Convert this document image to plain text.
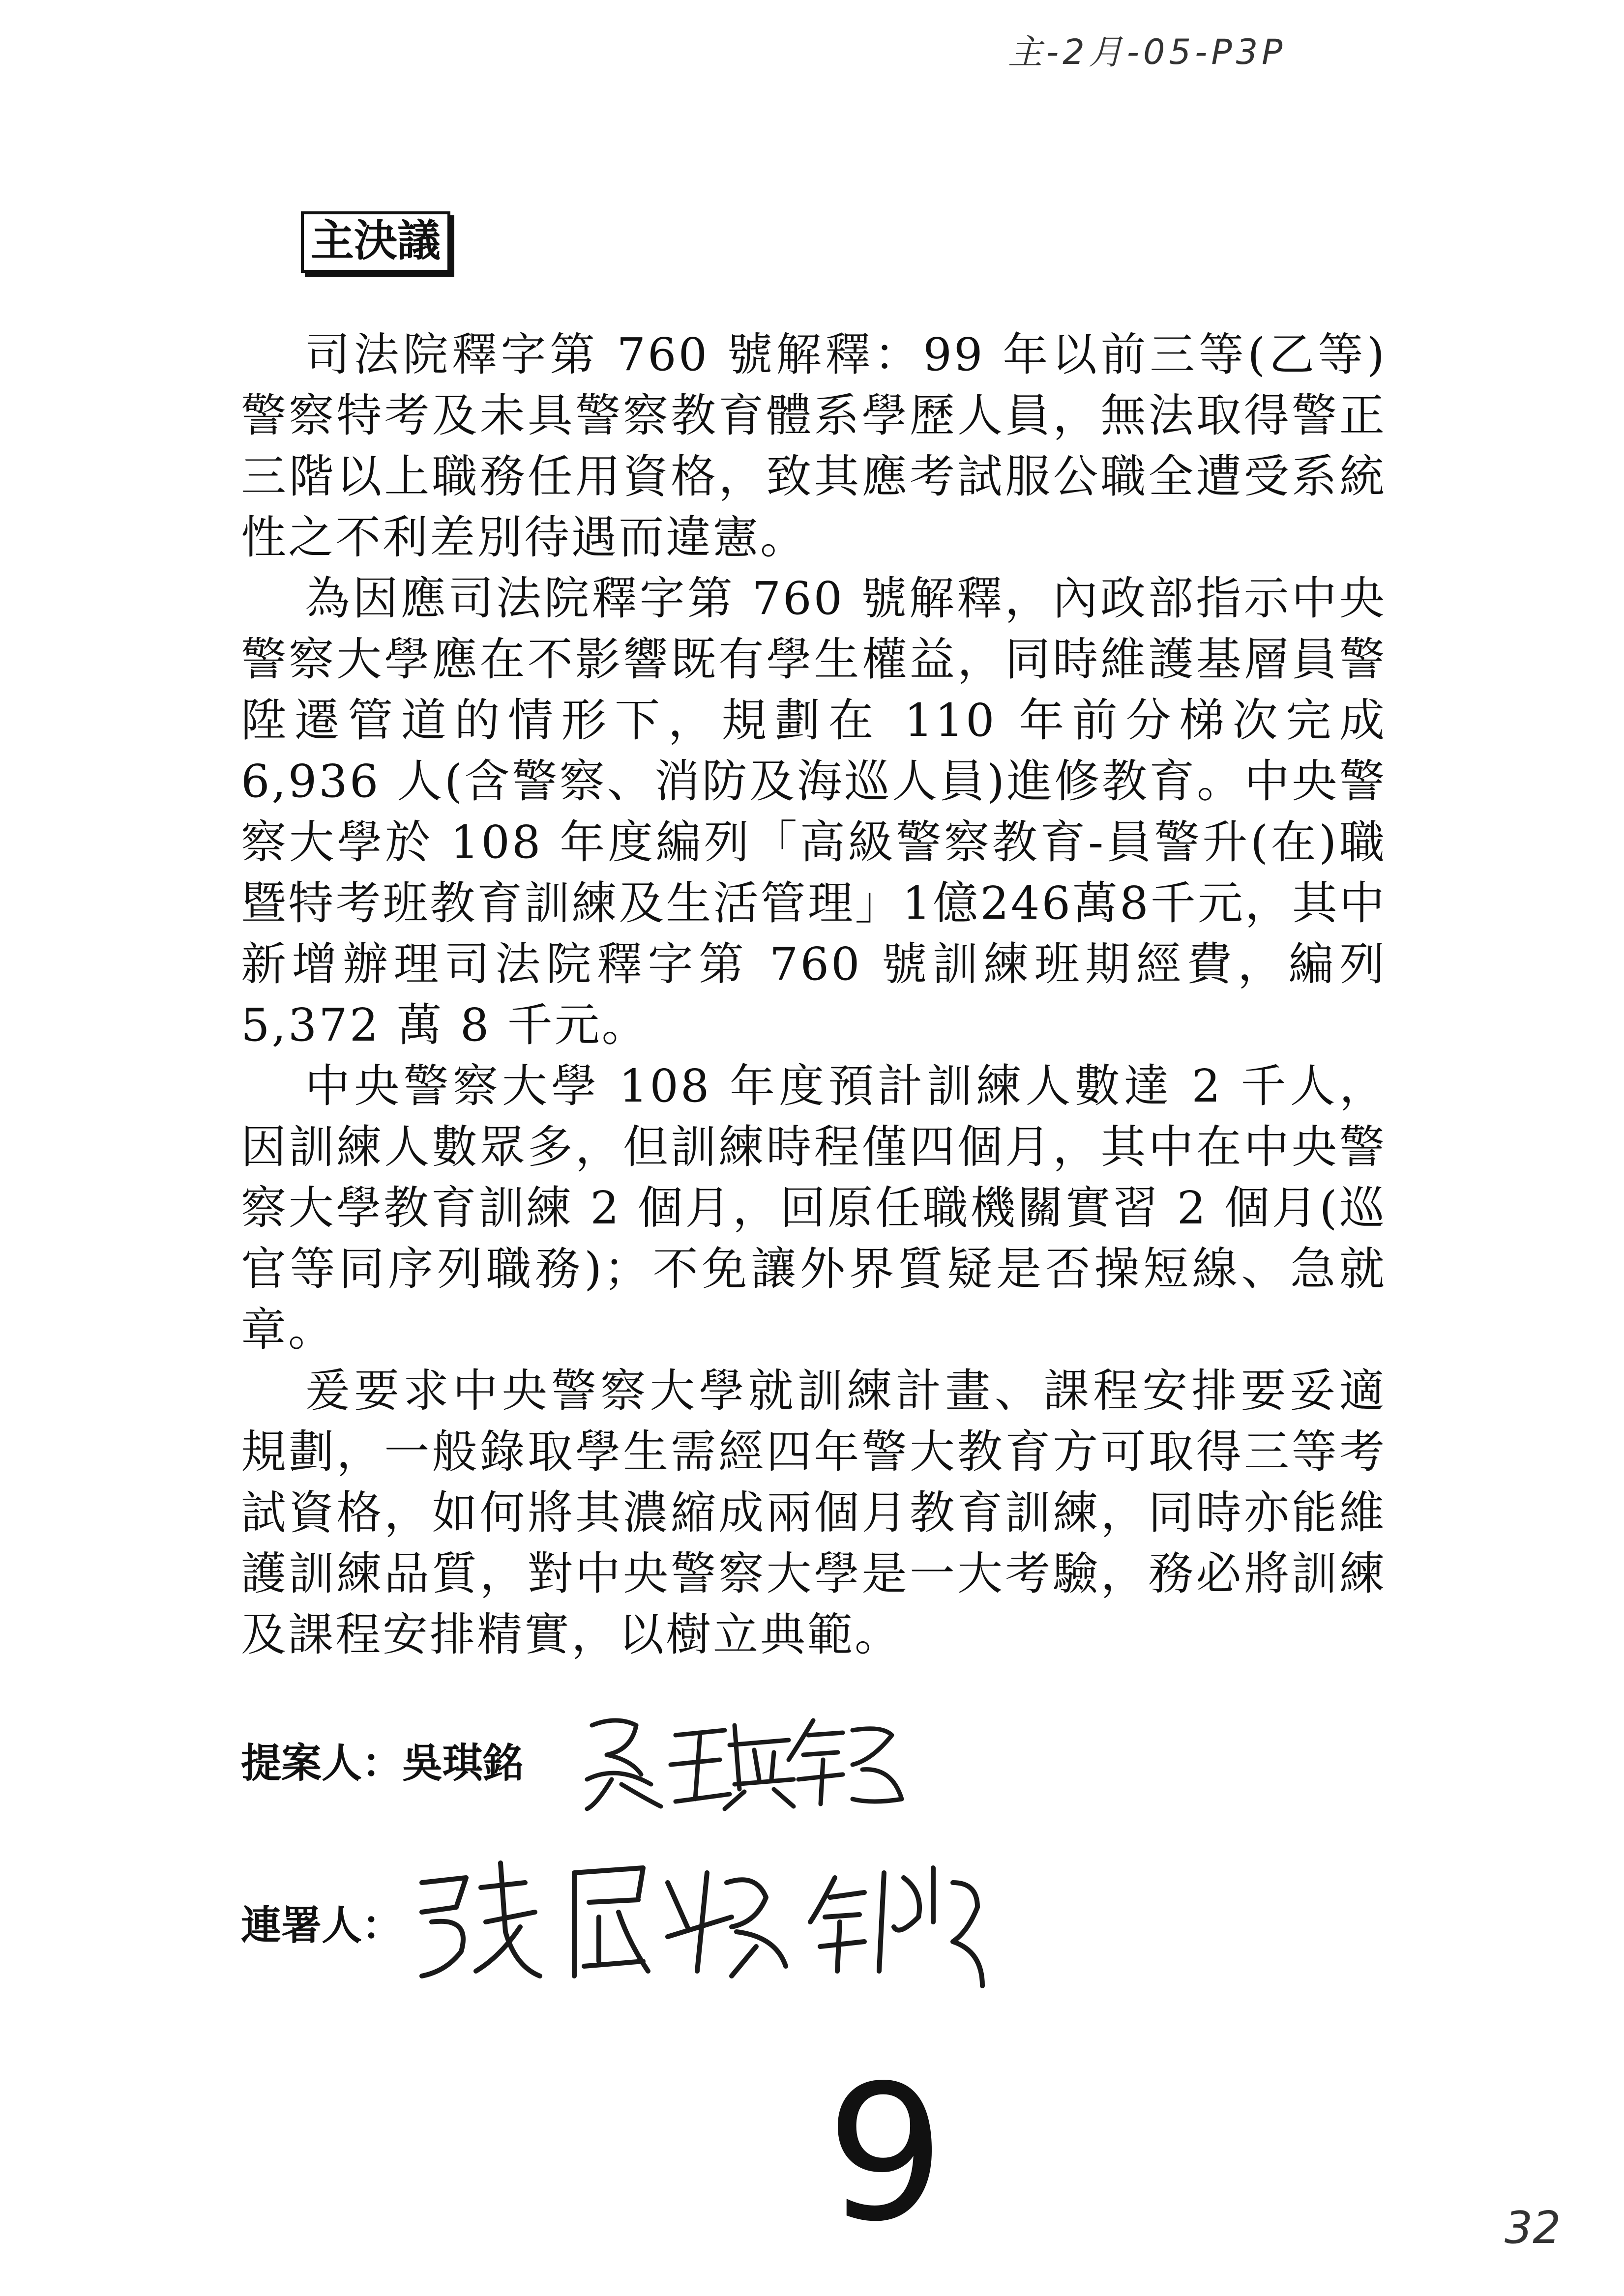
主-2月-05-P3P
主決議

司法院釋字第 760 號解釋：99 年以前三等(乙等)警察特考及未具警察教育體系學歷人員，無法取得警正三階以上職務任用資格，致其應考試服公職全遭受系統性之不利差別待遇而違憲。

為因應司法院釋字第 760 號解釋，內政部指示中央警察大學應在不影響既有學生權益，同時維護基層員警陞遷管道的情形下，規劃在 110 年前分梯次完成 6,936 人(含警察、消防及海巡人員)進修教育。中央警察大學於 108 年度編列「高級警察教育-員警升(在)職暨特考班教育訓練及生活管理」1億246萬8千元，其中新增辦理司法院釋字第 760 號訓練班期經費，編列 5,372 萬 8 千元。

中央警察大學 108 年度預計訓練人數達 2 千人，因訓練人數眾多，但訓練時程僅四個月，其中在中央警察大學教育訓練 2 個月，回原任職機關實習 2 個月(巡官等同序列職務)；不免讓外界質疑是否操短線、急就章。

爰要求中央警察大學就訓練計畫、課程安排要妥適規劃，一般錄取學生需經四年警大教育方可取得三等考試資格，如何將其濃縮成兩個月教育訓練，同時亦能維護訓練品質，對中央警察大學是一大考驗，務必將訓練及課程安排精實，以樹立典範。

提案人：吳琪銘
連署人：
9	32
